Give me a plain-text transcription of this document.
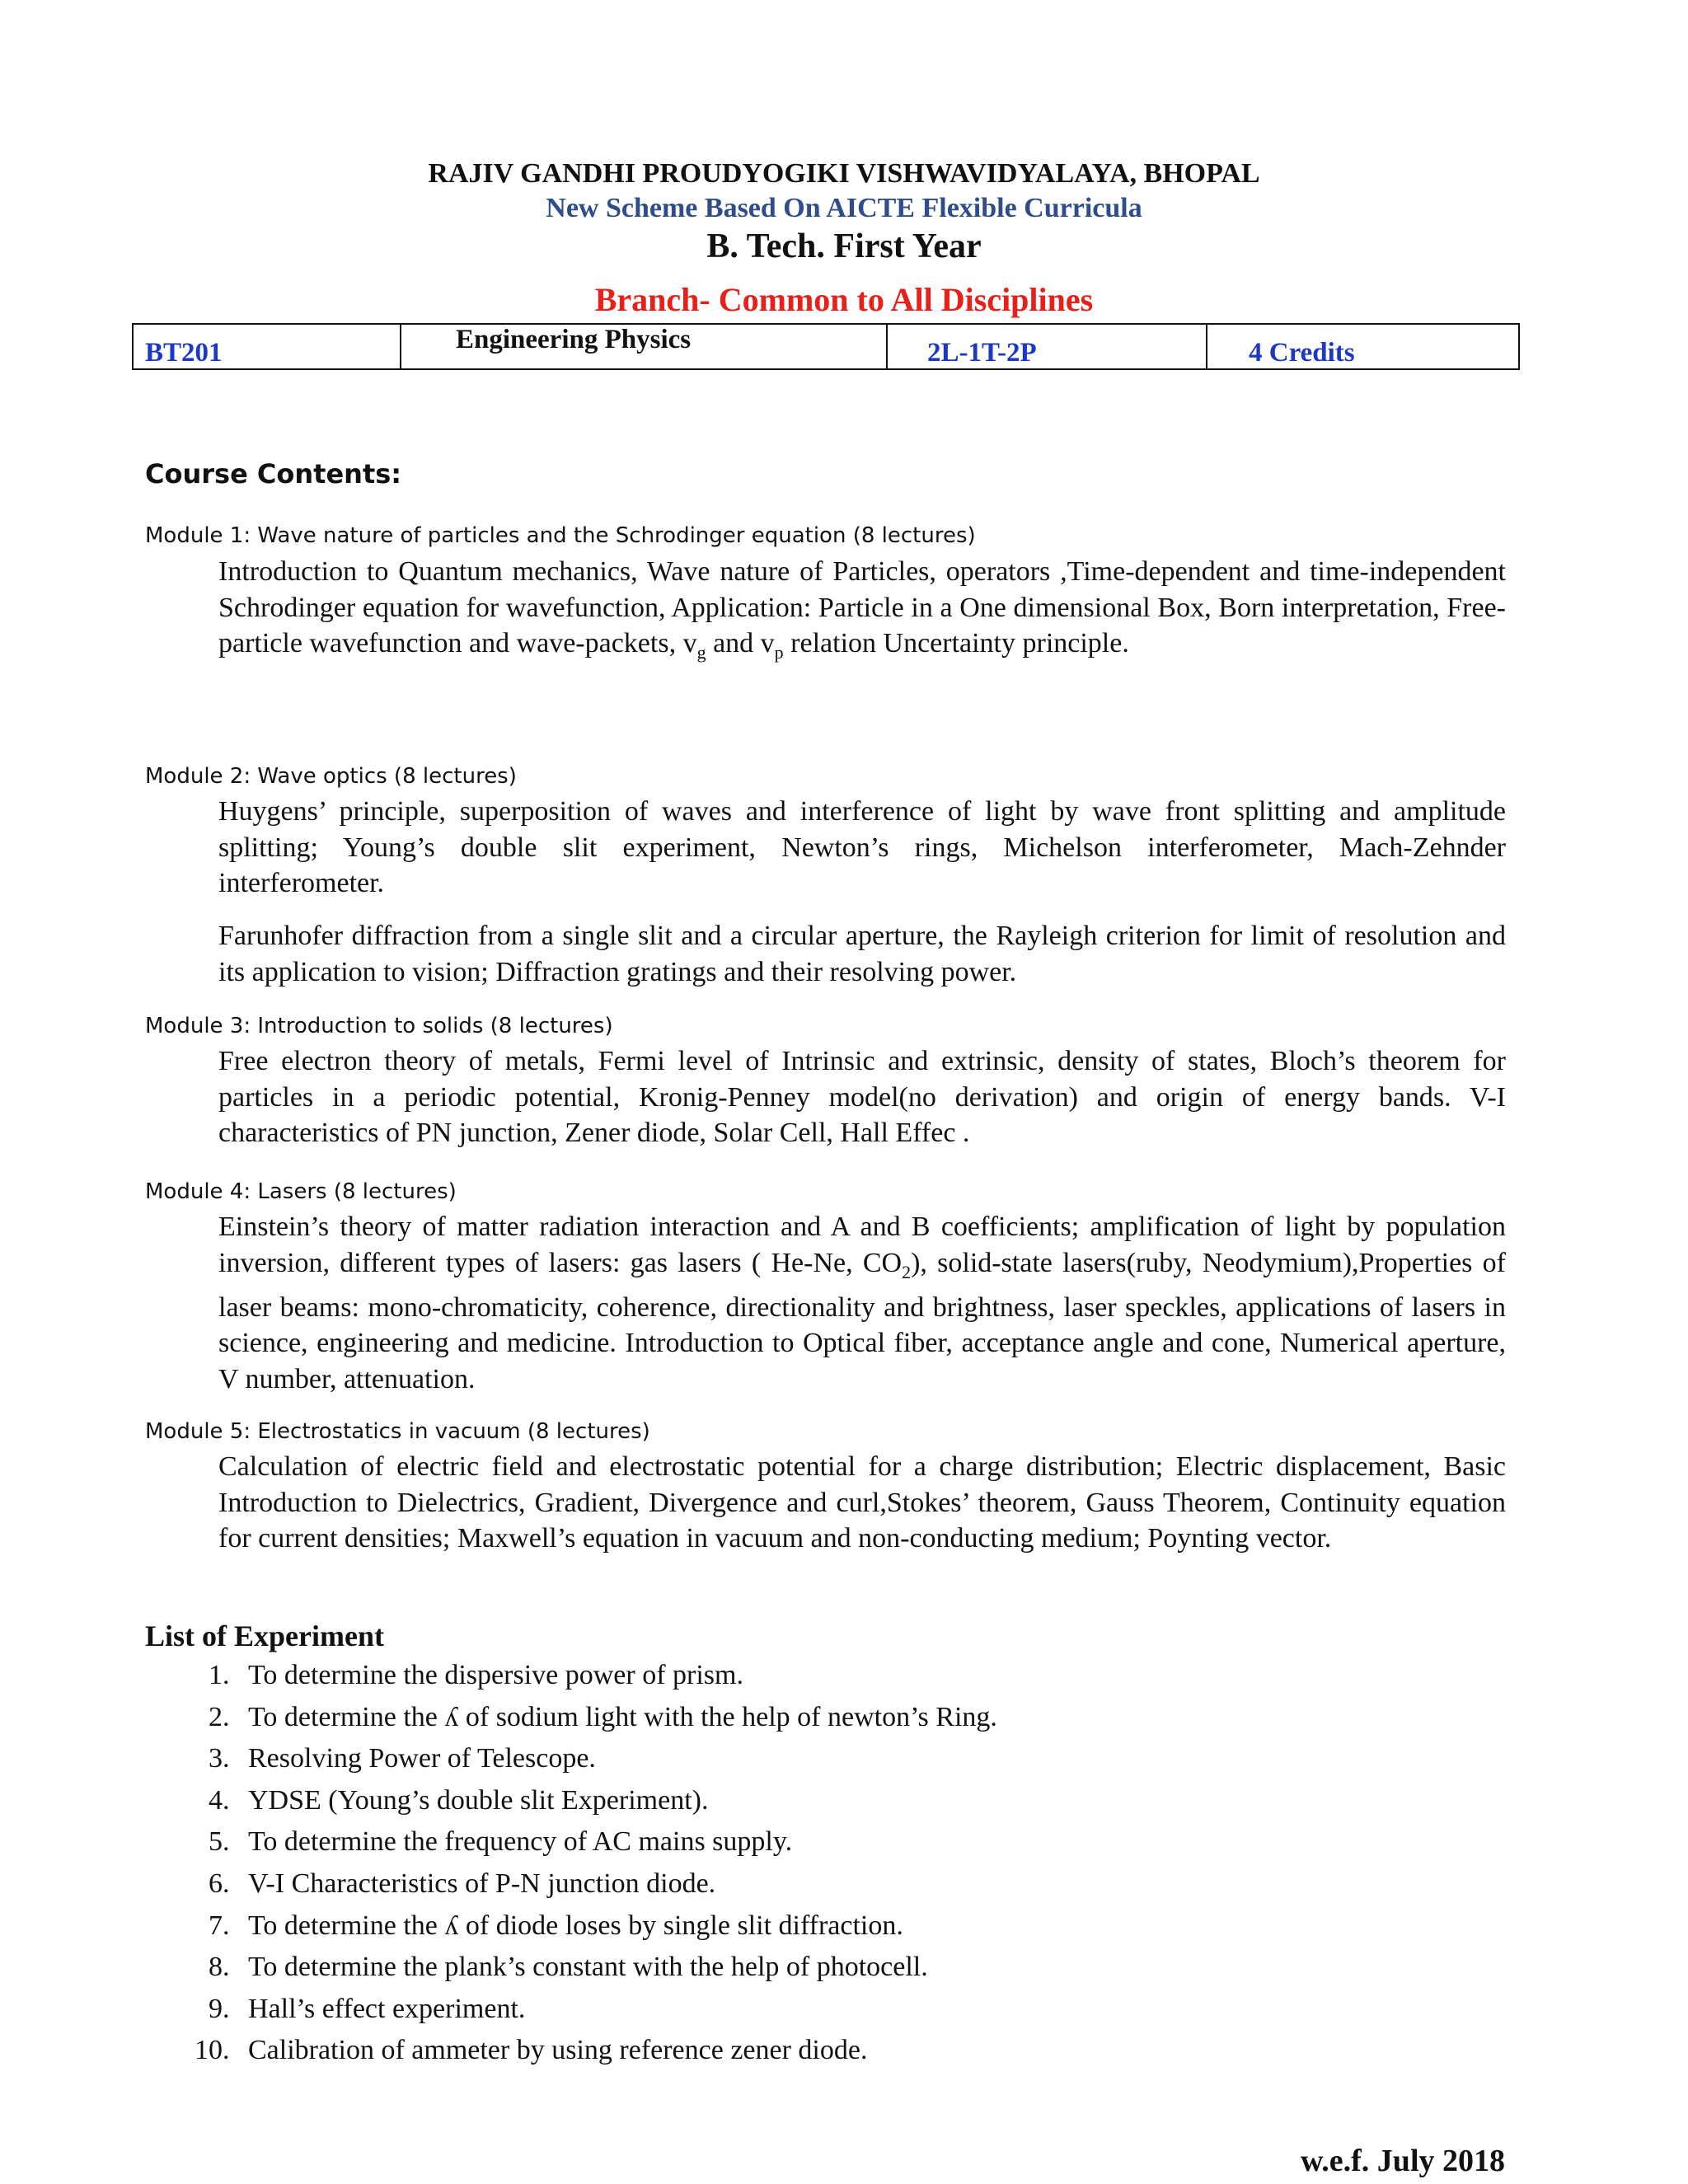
RAJIV GANDHI PROUDYOGIKI VISHWAVIDYALAYA, BHOPAL
New Scheme Based On AICTE Flexible Curricula
B. Tech. First Year
Branch- Common to All Disciplines
BT201	Engineering Physics	2L-1T-2P	4 Credits
Course Contents:
Module 1: Wave nature of particles and the Schrodinger equation (8 lectures)

Introduction to Quantum mechanics, Wave nature of Particles, operators ,Time-dependent and time-independent Schrodinger equation for wavefunction, Application: Particle in a One dimensional Box, Born interpretation, Free-particle wavefunction and wave-packets, $v_g$ and $v_p$ relation Uncertainty principle.

Module 2: Wave optics (8 lectures)

Huygens’ principle, superposition of waves and interference of light by wave front splitting and amplitude splitting; Young’s double slit experiment, Newton’s rings, Michelson interferometer, Mach-Zehnder interferometer.

Farunhofer diffraction from a single slit and a circular aperture, the Rayleigh criterion for limit of resolution and its application to vision; Diffraction gratings and their resolving power.

Module 3: Introduction to solids (8 lectures)

Free electron theory of metals, Fermi level of Intrinsic and extrinsic, density of states, Bloch’s theorem for particles in a periodic potential, Kronig-Penney model(no derivation) and origin of energy bands. V-I characteristics of PN junction, Zener diode, Solar Cell, Hall Effec .

Module 4: Lasers (8 lectures)

Einstein’s theory of matter radiation interaction and A and B coefficients; amplification of light by population inversion, different types of lasers: gas lasers ( He-Ne, $CO_2$), solid-state lasers(ruby, Neodymium),Properties of laser beams: mono-chromaticity, coherence, directionality and brightness, laser speckles, applications of lasers in science, engineering and medicine. Introduction to Optical fiber, acceptance angle and cone, Numerical aperture, V number, attenuation.

Module 5: Electrostatics in vacuum (8 lectures)

Calculation of electric field and electrostatic potential for a charge distribution; Electric displacement, Basic Introduction to Dielectrics, Gradient, Divergence and curl,Stokes’ theorem, Gauss Theorem, Continuity equation for current densities; Maxwell’s equation in vacuum and non-conducting medium; Poynting vector.

List of Experiment
1. To determine the dispersive power of prism.
2. To determine the ʎ of sodium light with the help of newton’s Ring.
3. Resolving Power of Telescope.
4. YDSE (Young’s double slit Experiment).
5. To determine the frequency of AC mains supply.
6. V-I Characteristics of P-N junction diode.
7. To determine the ʎ of diode loses by single slit diffraction.
8. To determine the plank’s constant with the help of photocell.
9. Hall’s effect experiment.
10. Calibration of ammeter by using reference zener diode.
w.e.f. July 2018
